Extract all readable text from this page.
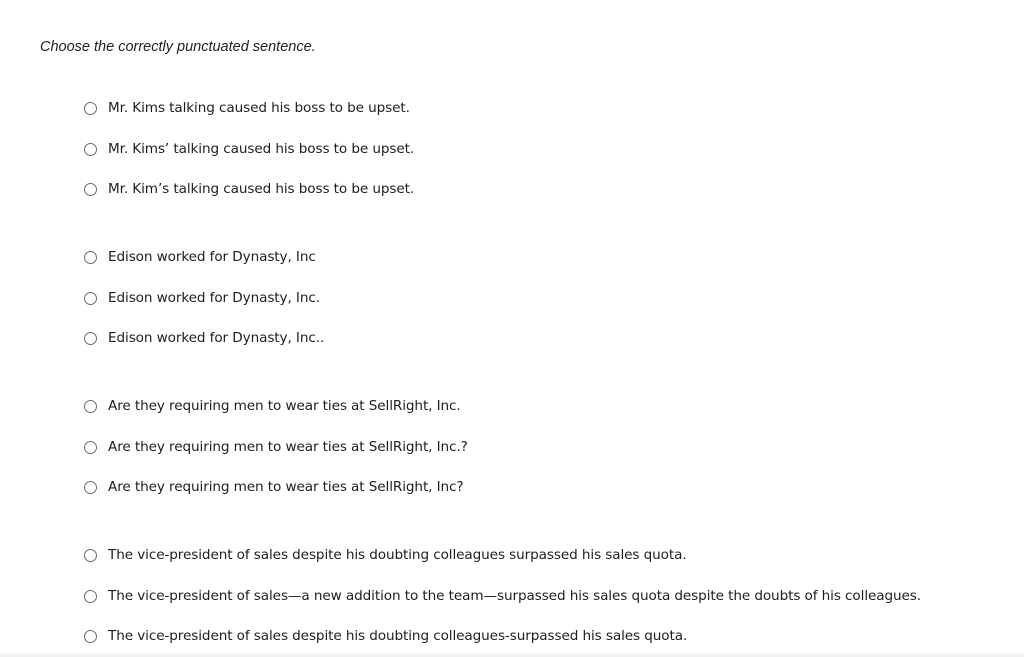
Choose the correctly punctuated sentence.
Mr. Kims talking caused his boss to be upset.
Mr. Kims’ talking caused his boss to be upset.
Mr. Kim’s talking caused his boss to be upset.
Edison worked for Dynasty, Inc
Edison worked for Dynasty, Inc.
Edison worked for Dynasty, Inc..
Are they requiring men to wear ties at SellRight, Inc.
Are they requiring men to wear ties at SellRight, Inc.?
Are they requiring men to wear ties at SellRight, Inc?
The vice-president of sales despite his doubting colleagues surpassed his sales quota.
The vice-president of sales—a new addition to the team—surpassed his sales quota despite the doubts of his colleagues.
The vice-president of sales despite his doubting colleagues-surpassed his sales quota.
